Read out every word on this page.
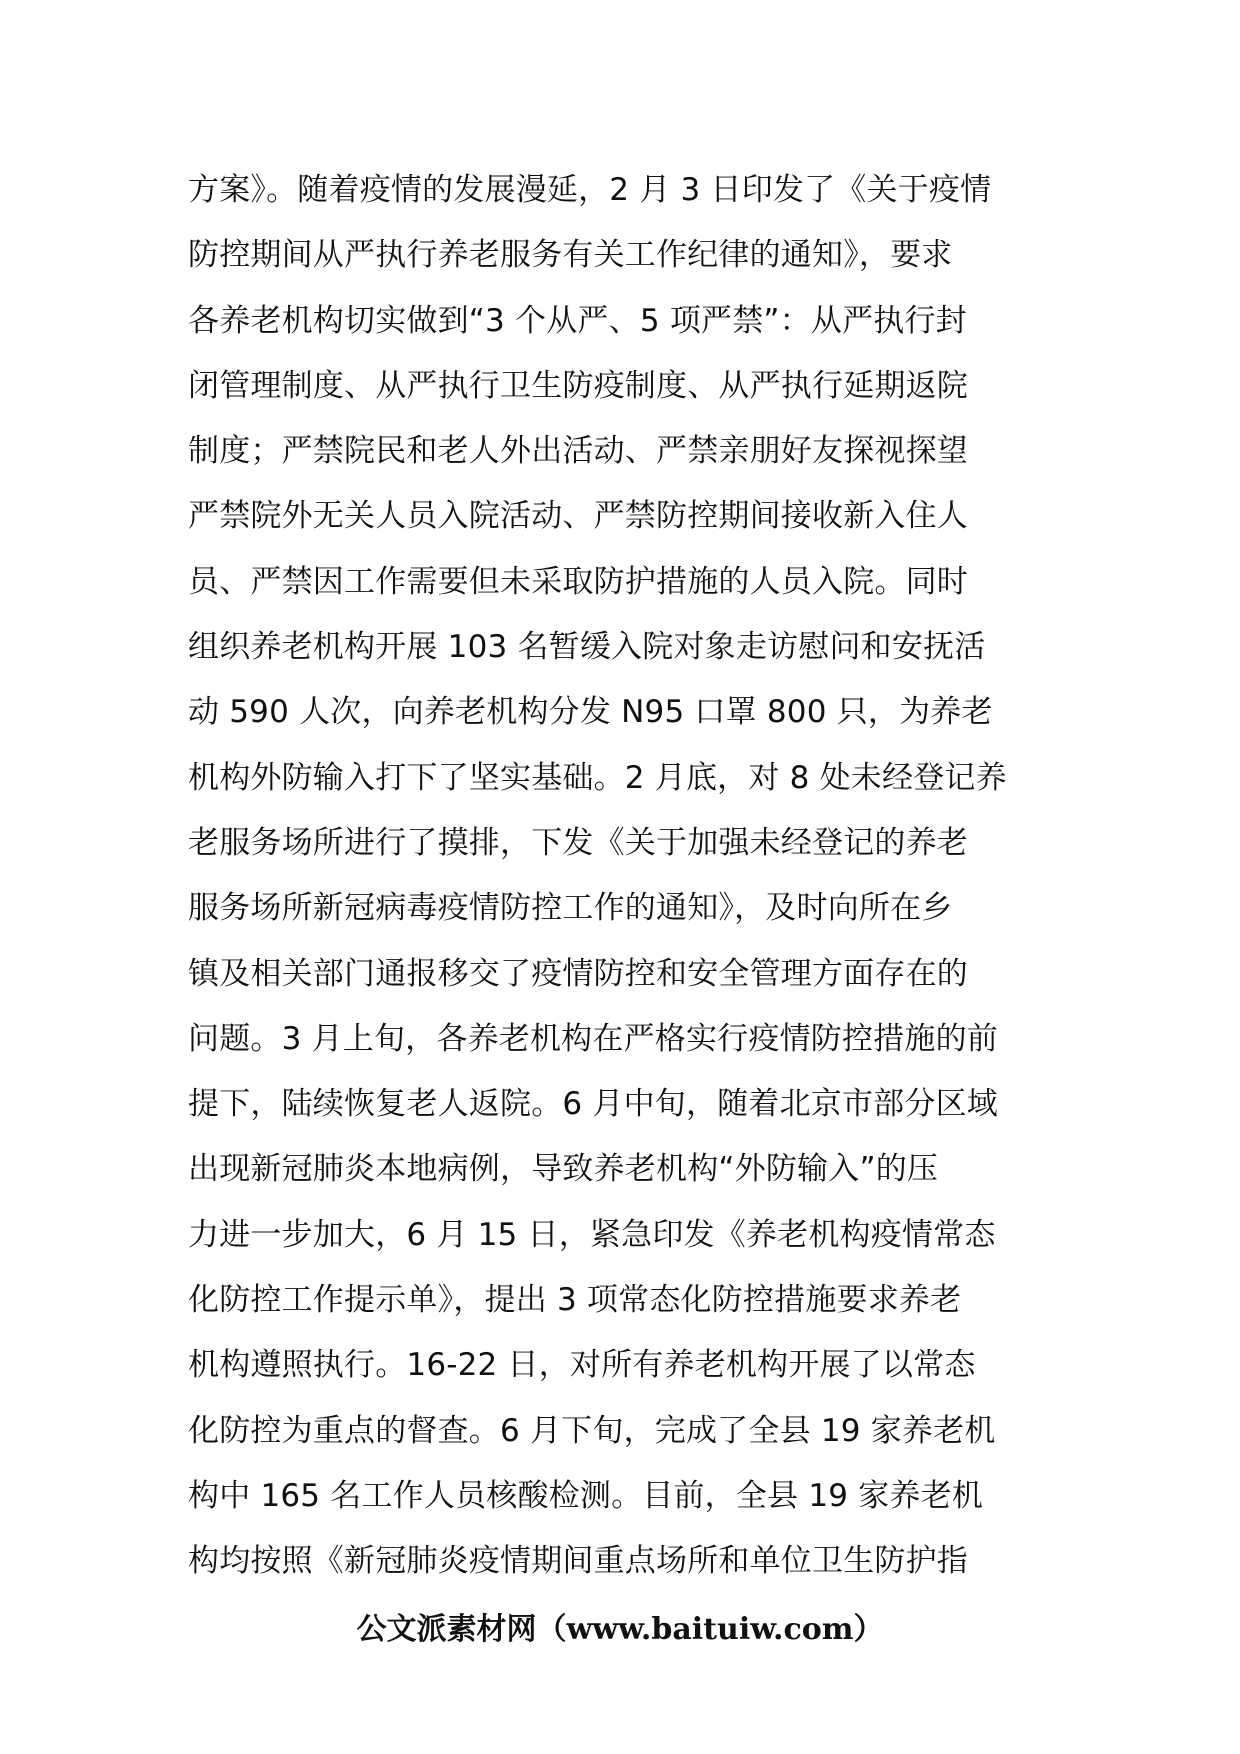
方案》。随着疫情的发展漫延，2 月 3 日印发了《关于疫情
防控期间从严执行养老服务有关工作纪律的通知》，要求
各养老机构切实做到“3 个从严、5 项严禁”：从严执行封
闭管理制度、从严执行卫生防疫制度、从严执行延期返院
制度；严禁院民和老人外出活动、严禁亲朋好友探视探望
严禁院外无关人员入院活动、严禁防控期间接收新入住人
员、严禁因工作需要但未采取防护措施的人员入院。同时
组织养老机构开展 103 名暂缓入院对象走访慰问和安抚活
动 590 人次，向养老机构分发 N95 口罩 800 只，为养老
机构外防输入打下了坚实基础。2 月底，对 8 处未经登记养
老服务场所进行了摸排，下发《关于加强未经登记的养老
服务场所新冠病毒疫情防控工作的通知》，及时向所在乡
镇及相关部门通报移交了疫情防控和安全管理方面存在的
问题。3 月上旬，各养老机构在严格实行疫情防控措施的前
提下，陆续恢复老人返院。6 月中旬，随着北京市部分区域
出现新冠肺炎本地病例，导致养老机构“外防输入”的压
力进一步加大，6 月 15 日，紧急印发《养老机构疫情常态
化防控工作提示单》，提出 3 项常态化防控措施要求养老
机构遵照执行。16-22 日，对所有养老机构开展了以常态
化防控为重点的督查。6 月下旬，完成了全县 19 家养老机
构中 165 名工作人员核酸检测。目前，全县 19 家养老机
构均按照《新冠肺炎疫情期间重点场所和单位卫生防护指
公文派素材网（www.baituiw.com）
